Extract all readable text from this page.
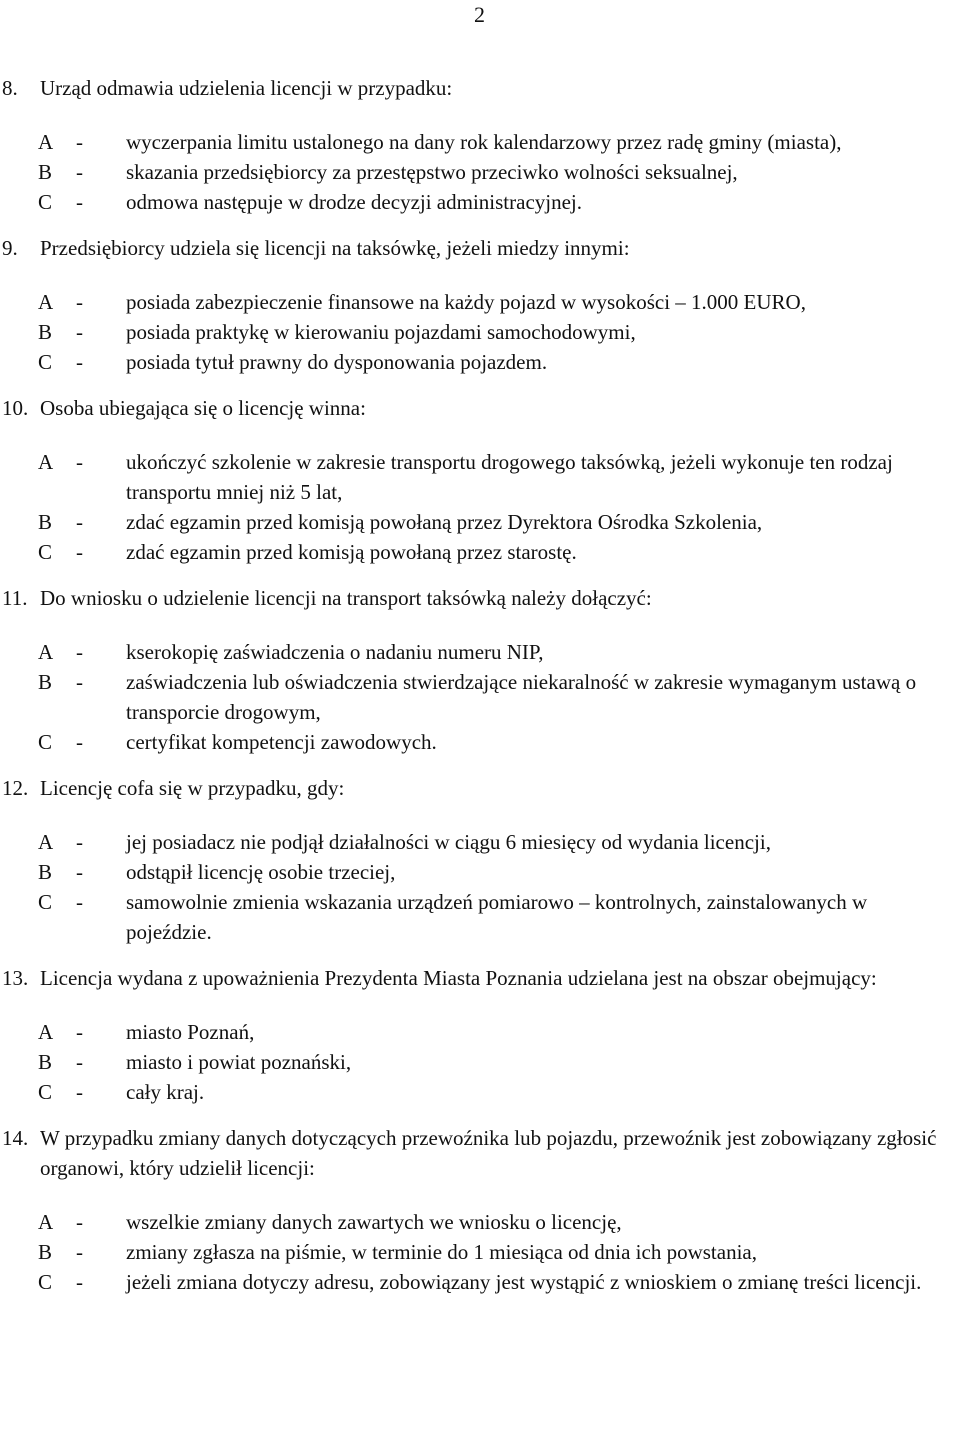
2
8.	Urząd odmawia udzielenia licencji w przypadku:
A	-	wyczerpania limitu ustalonego na dany rok kalendarzowy przez radę gminy (miasta),
B	-	skazania przedsiębiorcy za przestępstwo przeciwko wolności seksualnej,
C	-	odmowa następuje w drodze decyzji administracyjnej.
9.	Przedsiębiorcy udziela się licencji na taksówkę, jeżeli miedzy innymi:
A	-	posiada zabezpieczenie finansowe na każdy pojazd w wysokości – 1.000 EURO,
B	-	posiada praktykę w kierowaniu pojazdami samochodowymi,
C	-	posiada tytuł prawny do dysponowania pojazdem.
10. Osoba ubiegająca się o licencję winna:
A	-	ukończyć szkolenie w zakresie transportu drogowego taksówką, jeżeli wykonuje ten rodzaj transportu mniej niż 5 lat,
B	-	zdać egzamin przed komisją powołaną przez Dyrektora Ośrodka Szkolenia,
C	-	zdać egzamin przed komisją powołaną przez starostę.
11. Do wniosku o udzielenie licencji na transport taksówką należy dołączyć:
A	-	kserokopię zaświadczenia o nadaniu numeru NIP,
B	-	zaświadczenia lub oświadczenia stwierdzające niekaralność w zakresie wymaganym ustawą o transporcie drogowym,
C	-	certyfikat kompetencji zawodowych.
12. Licencję cofa się w przypadku, gdy:
A	-	jej posiadacz nie podjął działalności w ciągu 6 miesięcy od wydania licencji,
B	-	odstąpił licencję osobie trzeciej,
C	-	samowolnie zmienia wskazania urządzeń pomiarowo – kontrolnych, zainstalowanych w pojeździe.
13. Licencja wydana z upoważnienia Prezydenta Miasta Poznania udzielana jest na obszar obejmujący:
A	-	miasto Poznań,
B	-	miasto i powiat poznański,
C	-	cały kraj.
14. W przypadku zmiany danych dotyczących przewoźnika lub pojazdu, przewoźnik jest zobowiązany zgłosić organowi, który udzielił licencji:
A	-	wszelkie zmiany danych zawartych we wniosku o licencję,
B	-	zmiany zgłasza na piśmie, w terminie do 1 miesiąca od dnia ich powstania,
C	-	jeżeli zmiana dotyczy adresu, zobowiązany jest wystąpić z wnioskiem o zmianę treści licencji.
